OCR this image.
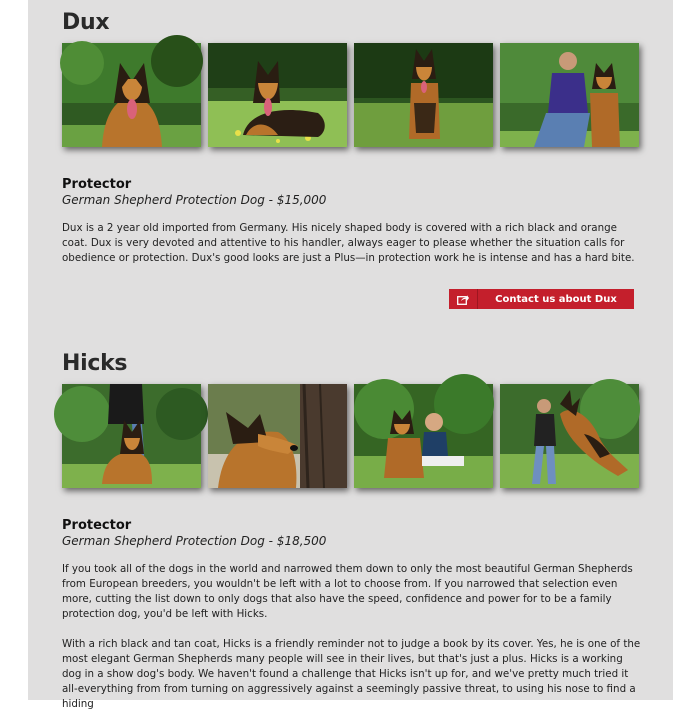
Dux

Protector

German Shepherd Protection Dog - $15,000

Dux is a 2 year old imported from Germany. His nicely shaped body is covered with a rich black and orange coat. Dux is very devoted and attentive to his handler, always eager to please whether the situation calls for obedience or protection. Dux's good looks are just a Plus—in protection work he is intense and has a hard bite.

Contact us about Dux
Hicks

Protector

German Shepherd Protection Dog - $18,500

If you took all of the dogs in the world and narrowed them down to only the most beautiful German Shepherds from European breeders, you wouldn't be left with a lot to choose from. If you narrowed that selection even more, cutting the list down to only dogs that also have the speed, confidence and power for to be a family protection dog, you'd be left with Hicks.

With a rich black and tan coat, Hicks is a friendly reminder not to judge a book by its cover. Yes, he is one of the most elegant German Shepherds many people will see in their lives, but that's just a plus. Hicks is a working dog in a show dog's body. We haven't found a challenge that Hicks isn't up for, and we've pretty much tried it all-everything from from turning on aggressively against a seemingly passive threat, to using his nose to find a hiding
